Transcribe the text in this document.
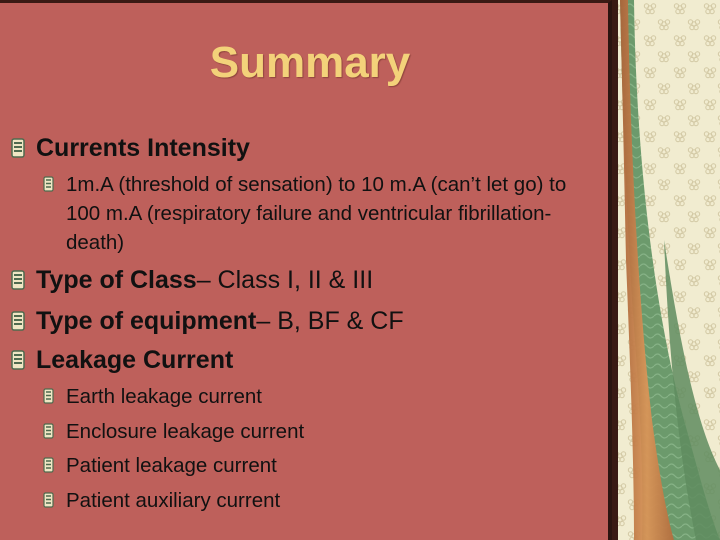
Summary
Currents Intensity
1m.A (threshold of sensation) to 10 m.A (can’t let go) to 100 m.A (respiratory failure and ventricular fibrillation-death)
Type of Class – Class I, II & III
Type of equipment – B, BF & CF
Leakage Current
Earth leakage current
Enclosure leakage current
Patient leakage current
Patient auxiliary current
